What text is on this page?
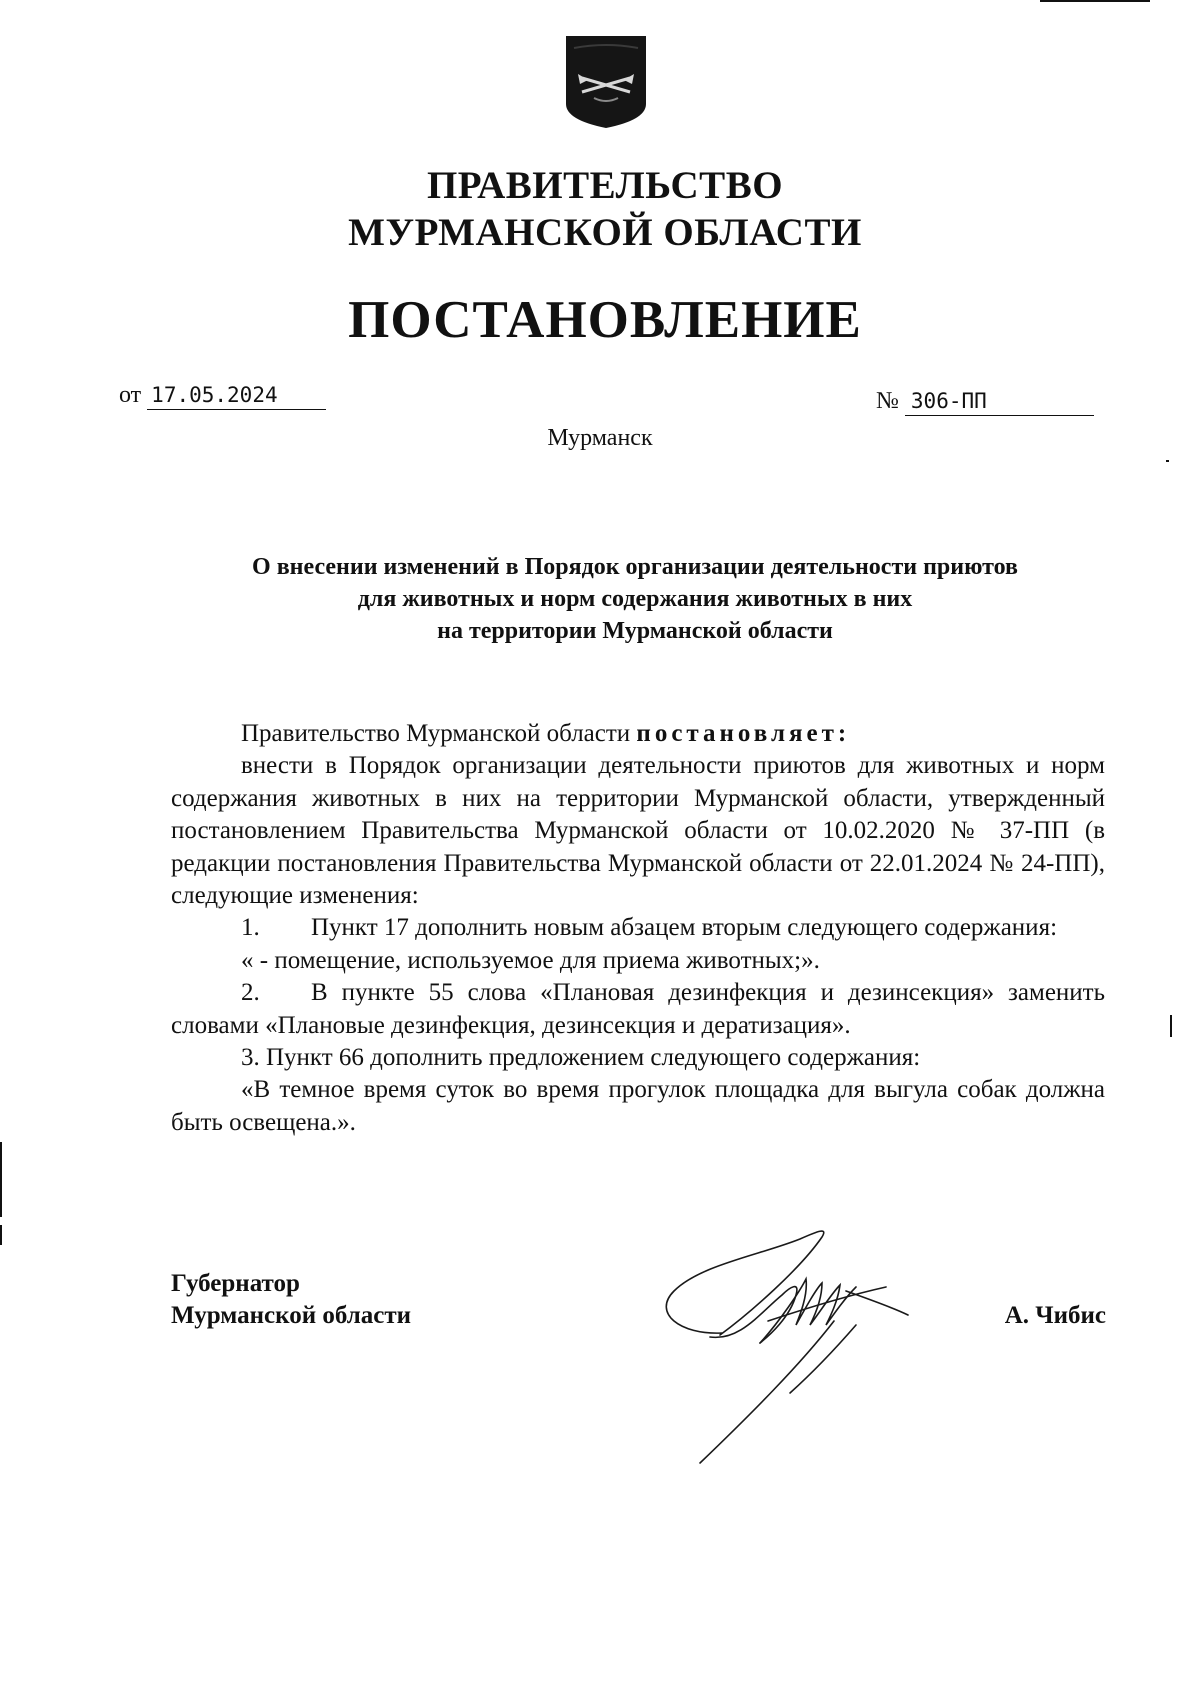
ПРАВИТЕЛЬСТВО
МУРМАНСКОЙ ОБЛАСТИ
ПОСТАНОВЛЕНИЕ
от 17.05.2024	№ 306-ПП
Мурманск
О внесении изменений в Порядок организации деятельности приютов
для животных и норм содержания животных в них
на территории Мурманской области

Правительство Мурманской области постановляет:

внести в Порядок организации деятельности приютов для животных и норм содержания животных в них на территории Мурманской области, утвержденный постановлением Правительства Мурманской области от 10.02.2020 № 37-ПП (в редакции постановления Правительства Мурманской области от 22.01.2024 № 24-ПП), следующие изменения:

1. Пункт 17 дополнить новым абзацем вторым следующего содержания:

« - помещение, используемое для приема животных;».

2. В пункте 55 слова «Плановая дезинфекция и дезинсекция» заменить словами «Плановые дезинфекция, дезинсекция и дератизация».

3. Пункт 66 дополнить предложением следующего содержания:

«В темное время суток во время прогулок площадка для выгула собак должна быть освещена.».

Губернатор
Мурманской области	А. Чибис
